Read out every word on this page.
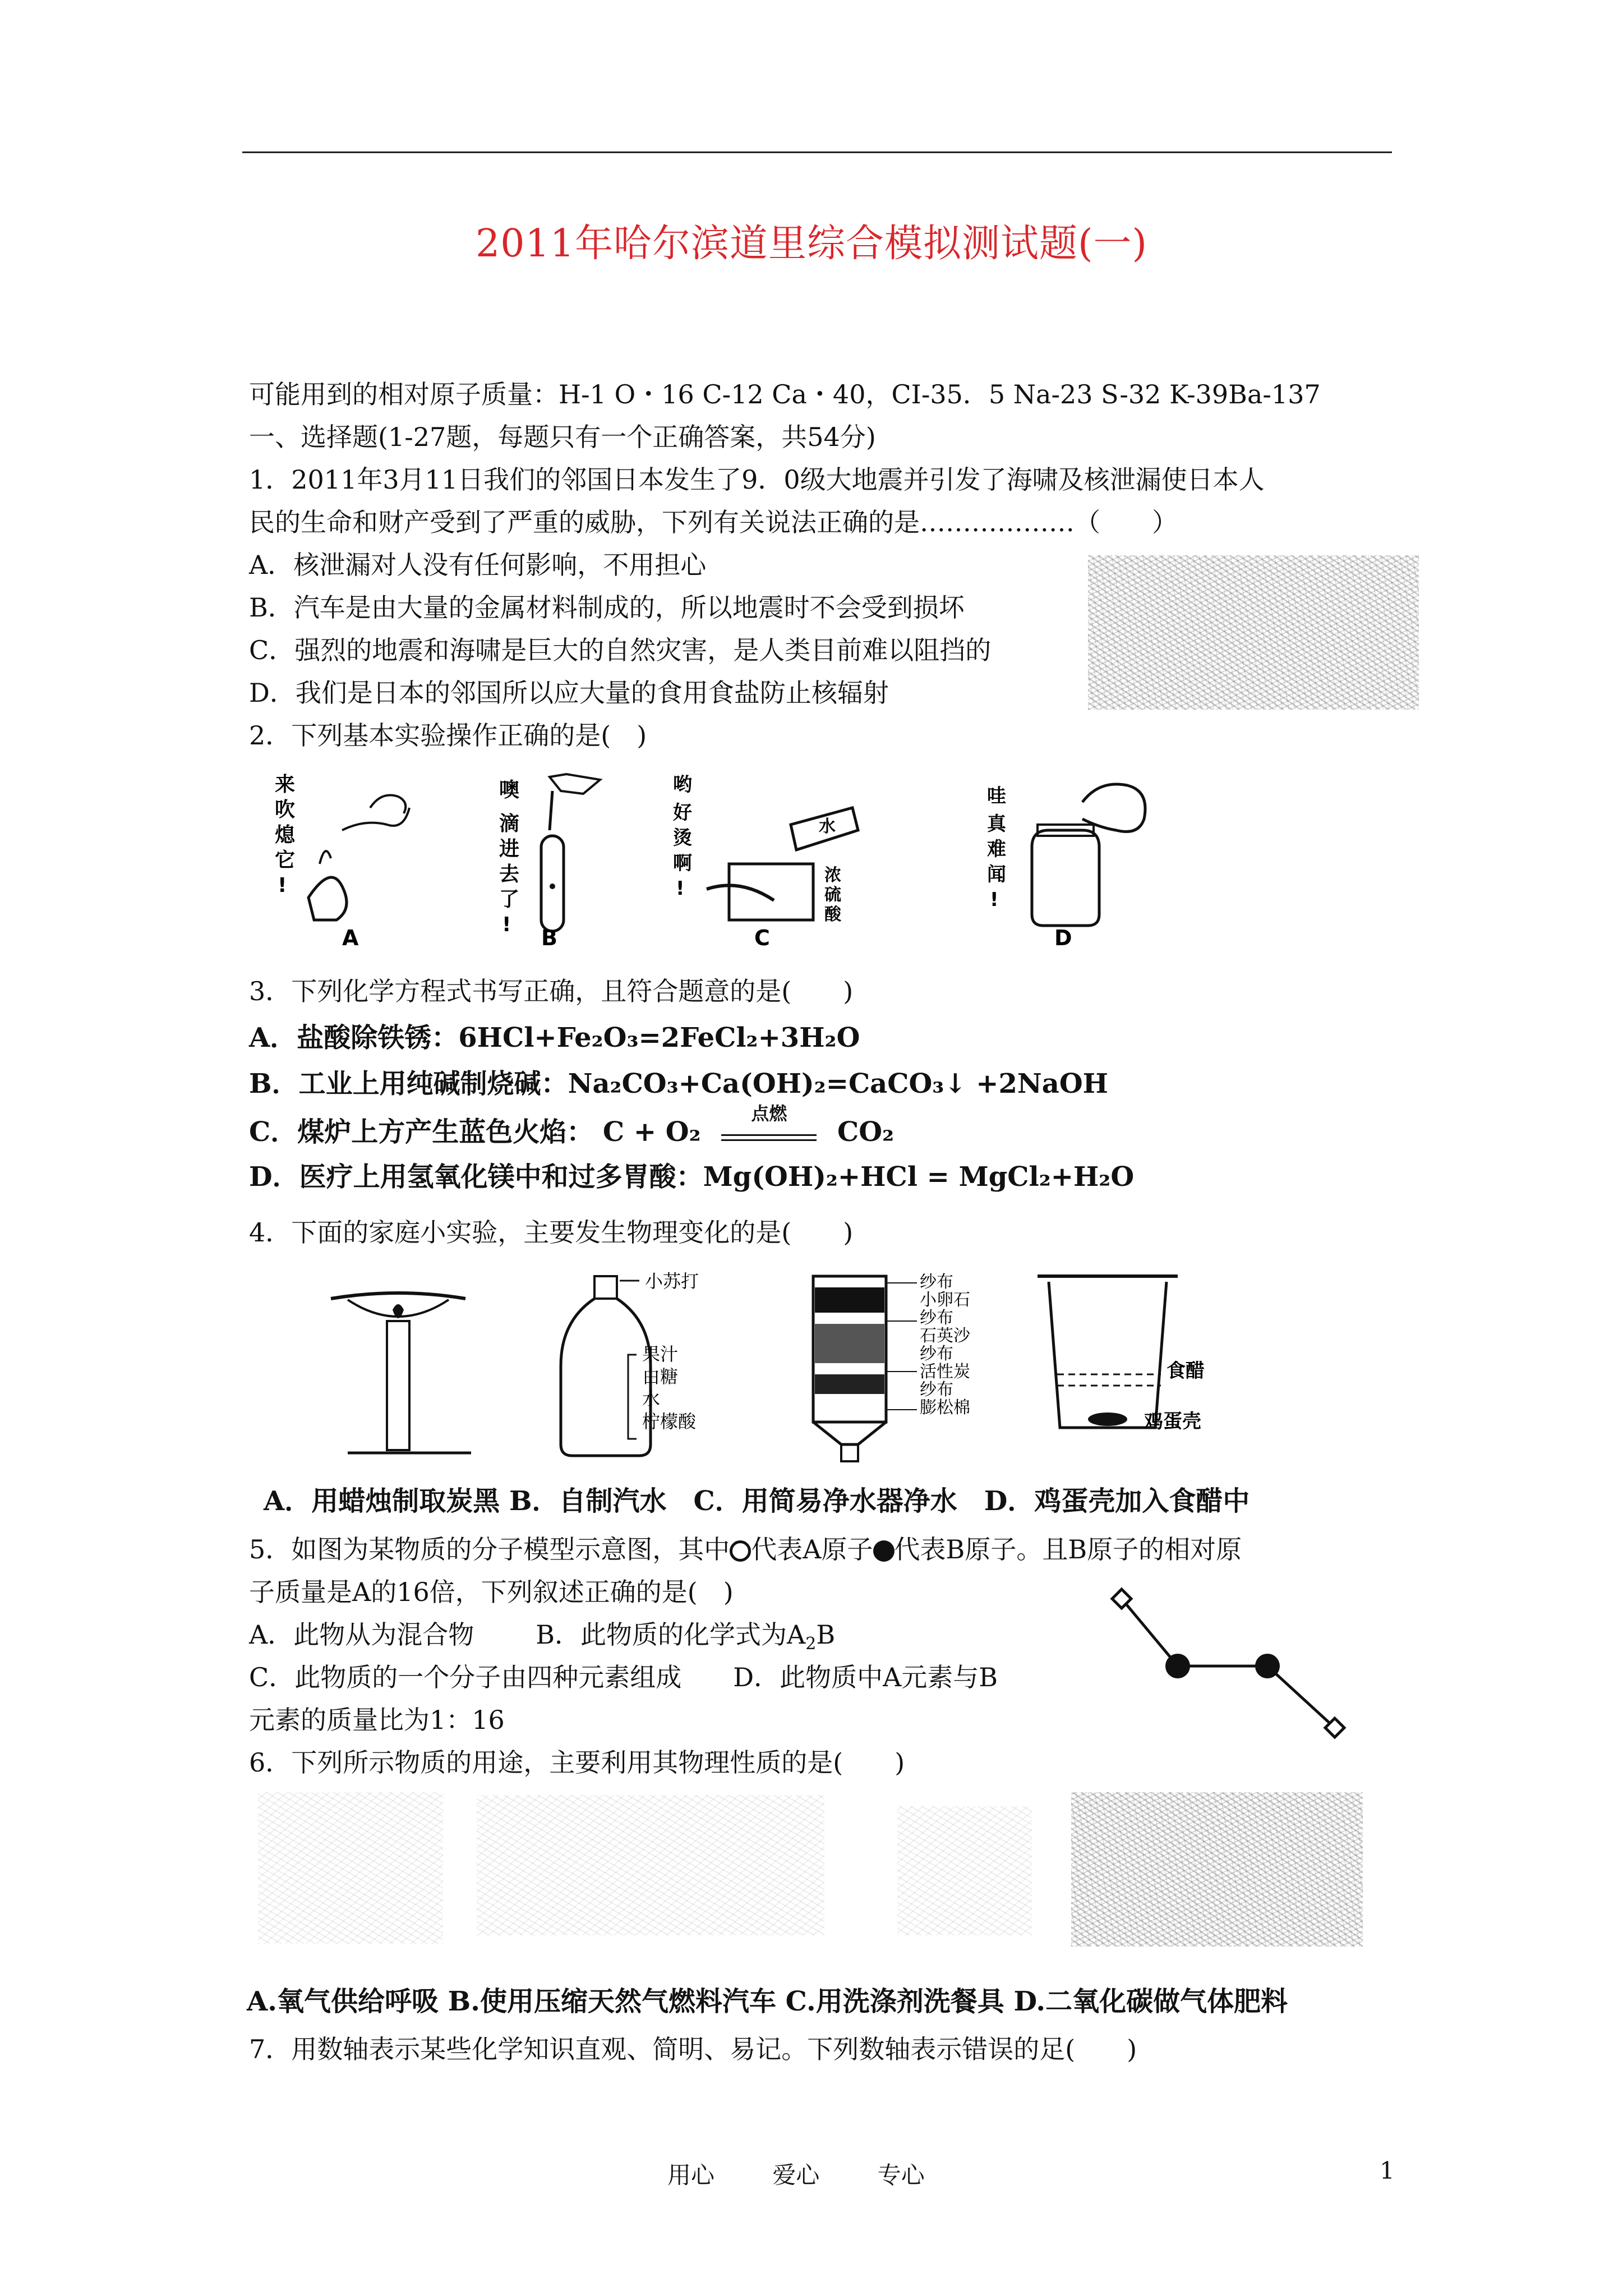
2011年哈尔滨道里综合模拟测试题(一)
可能用到的相对原子质量：H-1 O・16 C-12 Ca・40，CI-35．5 Na-23 S-32 K-39Ba-137
一、选择题(1-27题，每题只有一个正确答案，共54分)
1．2011年3月11日我们的邻国日本发生了9．0级大地震并引发了海啸及核泄漏使日本人
民的生命和财产受到了严重的威胁，下列有关说法正确的是………………（　　）
A．核泄漏对人没有任何影响，不用担心
B．汽车是由大量的金属材料制成的，所以地震时不会受到损坏
C．强烈的地震和海啸是巨大的自然灾害，是人类目前难以阻挡的
D．我们是日本的邻国所以应大量的食用食盐防止核辐射
2．下列基本实验操作正确的是(　)
来
吹
熄
它
!
A
噢
滴
进
去
了
!
B
哟
好
烫
啊
!
水
浓
硫
酸
C
哇
真
难
闻
!
D
3．下列化学方程式书写正确，且符合题意的是(　　)
A．盐酸除铁锈：6HCl+Fe₂O₃=2FeCl₂+3H₂O
B．工业上用纯碱制烧碱：Na₂CO₃+Ca(OH)₂=CaCO₃↓ +2NaOH
C．煤炉上方产生蓝色火焰： C + O₂
点燃
CO₂
D．医疗上用氢氧化镁中和过多胃酸：Mg(OH)₂+HCl = MgCl₂+H₂O
4．下面的家庭小实验，主要发生物理变化的是(　　)
小苏打
果汁
白糖
水
柠檬酸
纱布
小卵石
纱布
石英沙
纱布
活性炭
纱布
膨松棉
食醋
鸡蛋壳
A．用蜡烛制取炭黑 B．自制汽水　C．用简易净水器净水　D．鸡蛋壳加入食醋中
5．如图为某物质的分子模型示意图，其中 代表A原子 代表B原子。且B原子的相对原
子质量是A的16倍，下列叙述正确的是(　)
A．此物从为混合物 B．此物质的化学式为$A_2B$
C．此物质的一个分子由四种元素组成　　D．此物质中A元素与B
元素的质量比为1：16
6．下列所示物质的用途，主要利用其物理性质的是(　　)
A.氧气供给呼吸 B.使用压缩天然气燃料汽车 C.用洗涤剂洗餐具 D.二氧化碳做气体肥料
7．用数轴表示某些化学知识直观、简明、易记。下列数轴表示错误的足(　　)
用心 爱心 专心	1
